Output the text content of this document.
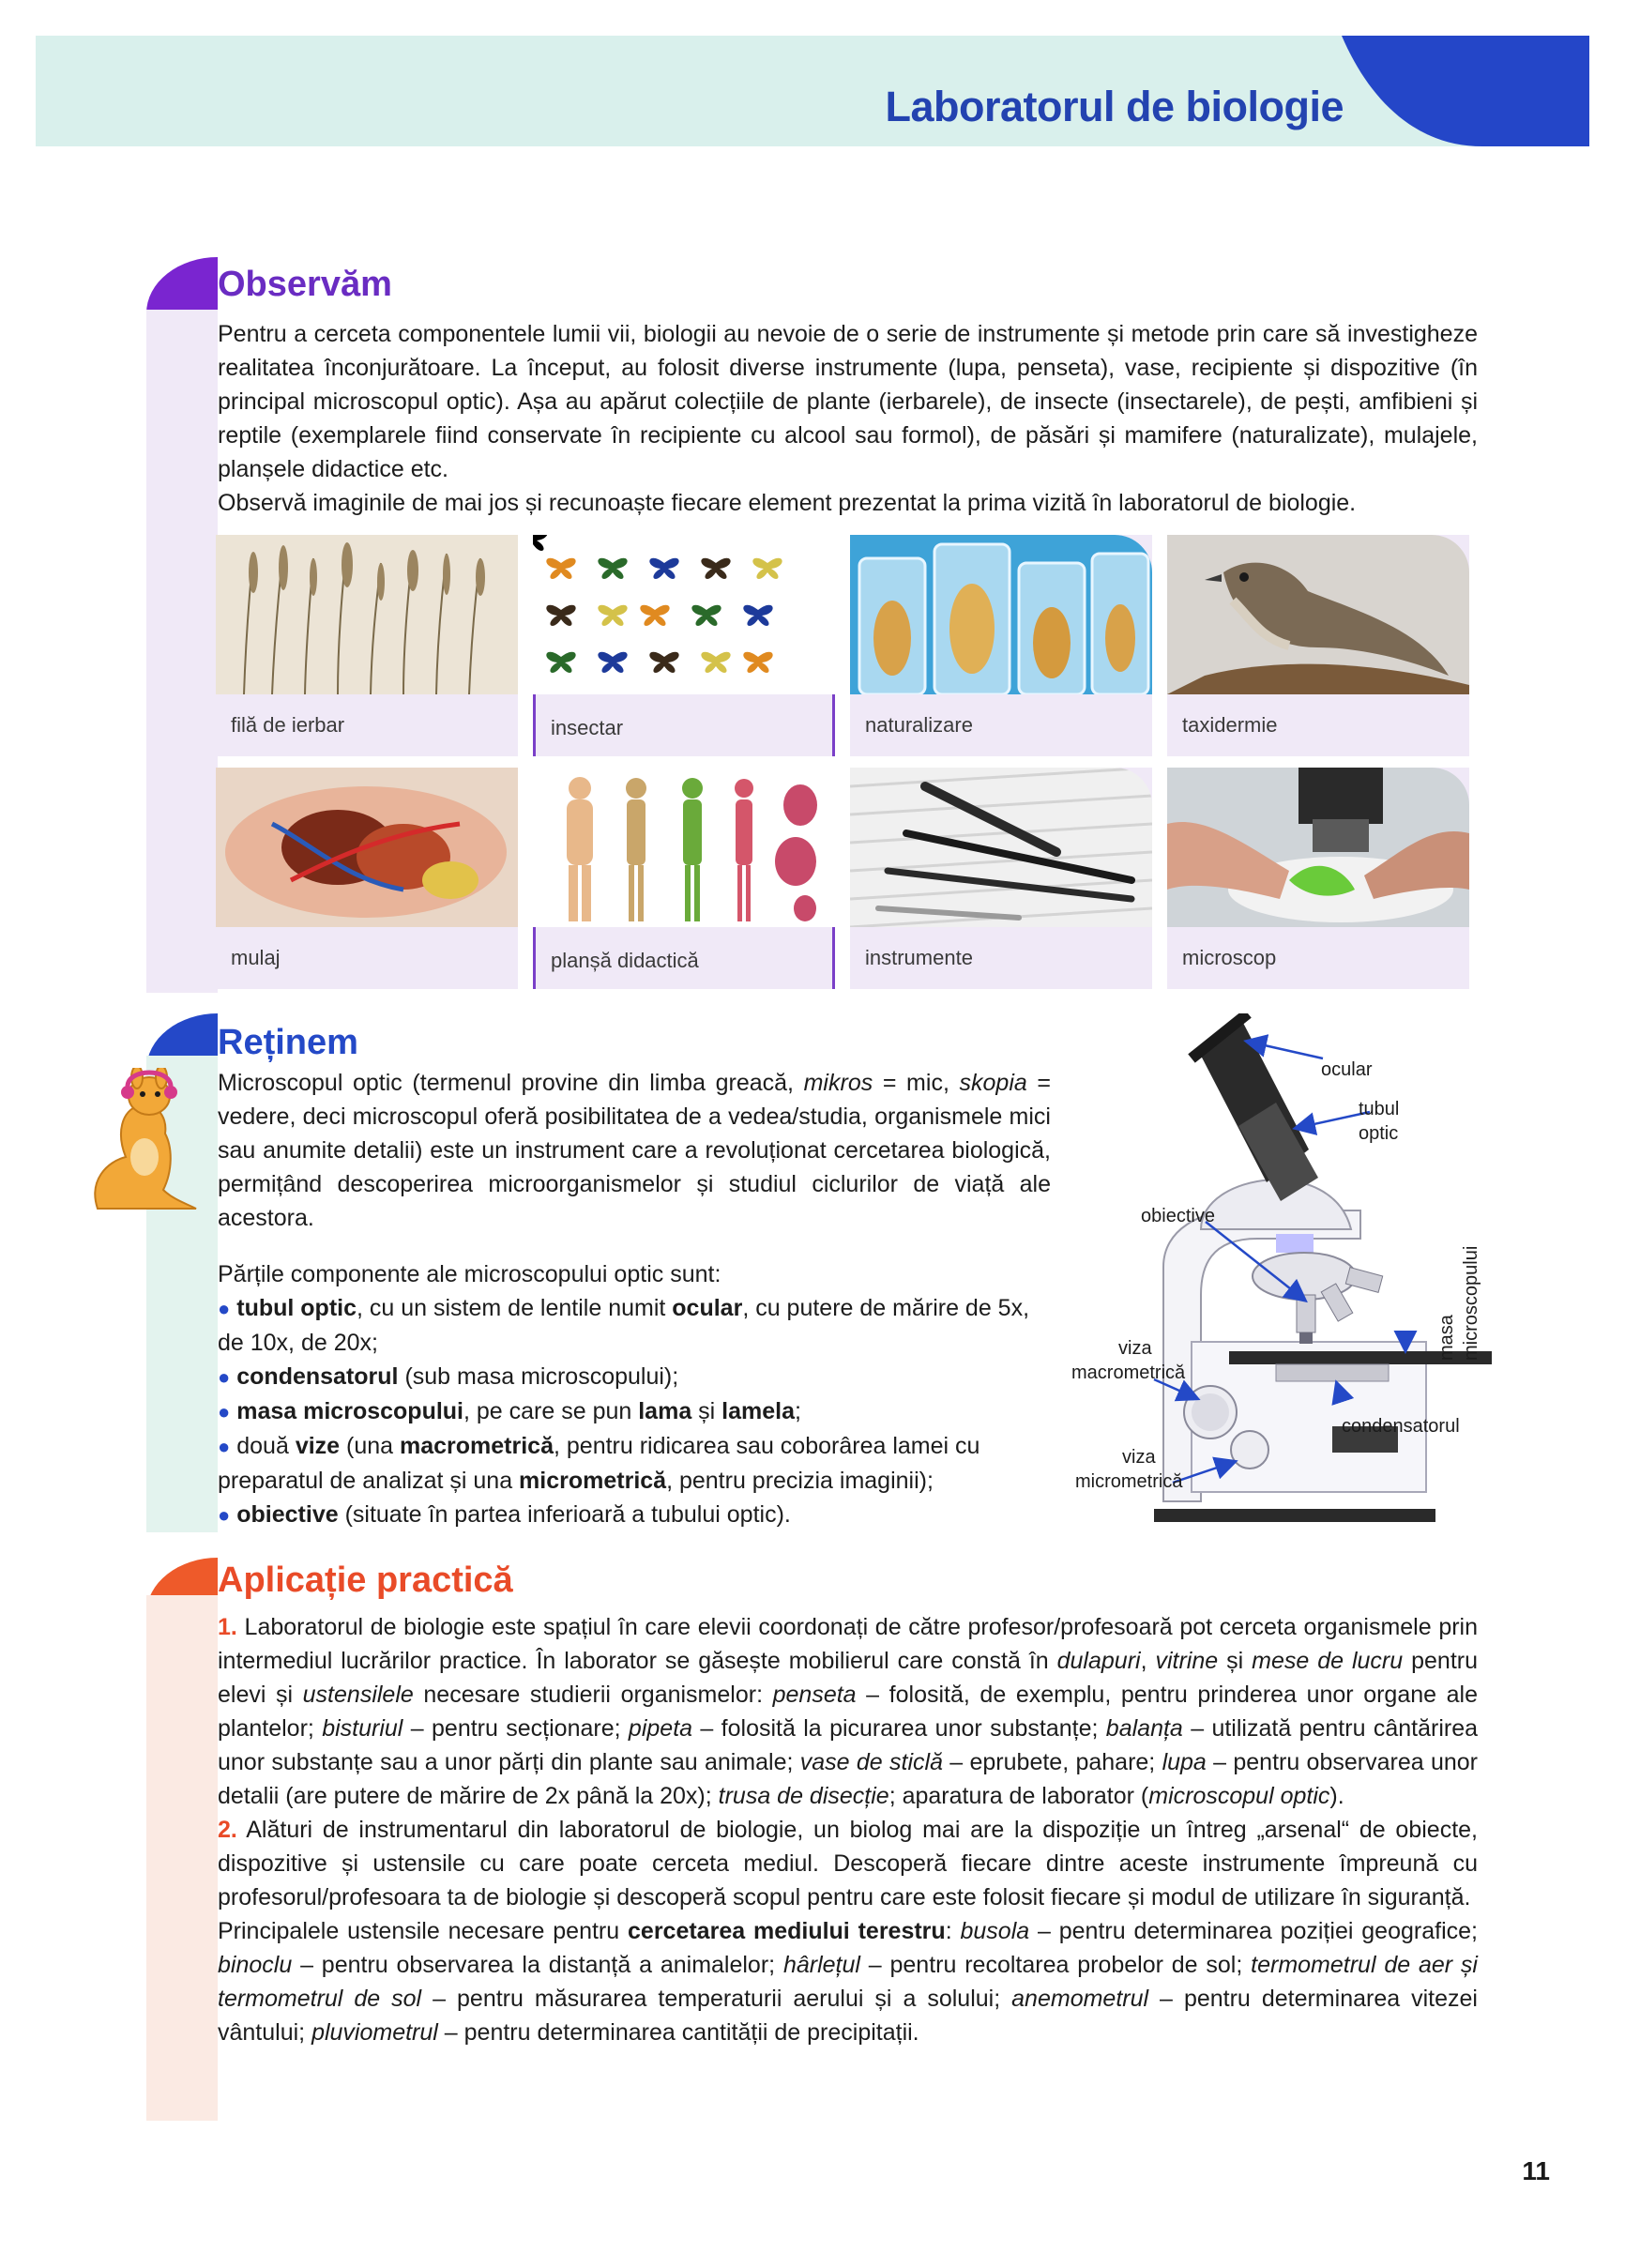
Laboratorul de biologie
Observăm
Pentru a cerceta componentele lumii vii, biologii au nevoie de o serie de instrumente și metode prin care să investigheze realitatea înconjurătoare. La început, au folosit diverse instrumente (lupa, penseta), vase, recipiente și dispozitive (în principal microscopul optic). Așa au apărut colecțiile de plante (ierbarele), de insecte (insectarele), de pești, amfibieni și reptile (exemplarele fiind conservate în recipiente cu alcool sau formol), de păsări și mamifere (naturalizate), mulajele, planșele didactice etc.
Observă imaginile de mai jos și recunoaște fiecare element prezentat la prima vizită în laboratorul de biologie.
filă de ierbar	insectar	naturalizare	taxidermie
mulaj	planșă didactică	instrumente	microscop
Reținem
Microscopul optic (termenul provine din limba greacă, mikros = mic, skopia = vedere, deci microscopul oferă posibilitatea de a vedea/studia, organismele mici sau anumite detalii) este un instrument care a revoluționat cercetarea biologică, permițând descoperirea microorganismelor și studiul ciclurilor de viață ale acestora.
Părțile componente ale microscopului optic sunt:
● tubul optic, cu un sistem de lentile numit ocular, cu putere de mărire de 5x, de 10x, de 20x;
● condensatorul (sub masa microscopului);
● masa microscopului, pe care se pun lama și lamela;
● două vize (una macrometrică, pentru ridicarea sau coborârea lamei cu preparatul de analizat și una micrometrică, pentru precizia imaginii);
● obiective (situate în partea inferioară a tubului optic).
ocular
tubul
optic
obiective
masa microscopului
viza
macrometrică
condensatorul
viza
micrometrică
Aplicație practică
1. Laboratorul de biologie este spațiul în care elevii coordonați de către profesor/profesoară pot cerceta organismele prin intermediul lucrărilor practice. În laborator se găsește mobilierul care constă în dulapuri, vitrine și mese de lucru pentru elevi și ustensilele necesare studierii organismelor: penseta – folosită, de exemplu, pentru prinderea unor organe ale plantelor; bisturiul – pentru secționare; pipeta – folosită la picurarea unor substanțe; balanța – utilizată pentru cântărirea unor substanțe sau a unor părți din plante sau animale; vase de sticlă – eprubete, pahare; lupa – pentru observarea unor detalii (are putere de mărire de 2x până la 20x); trusa de disecție; aparatura de laborator (microscopul optic).
2. Alături de instrumentarul din laboratorul de biologie, un biolog mai are la dispoziție un întreg „arsenal“ de obiecte, dispozitive și ustensile cu care poate cerceta mediul. Descoperă fiecare dintre aceste instrumente împreună cu profesorul/profesoara ta de biologie și descoperă scopul pentru care este folosit fiecare și modul de utilizare în siguranță.
Principalele ustensile necesare pentru cercetarea mediului terestru: busola – pentru determinarea poziției geografice; binoclu – pentru observarea la distanță a animalelor; hârlețul – pentru recoltarea probelor de sol; termometrul de aer și termometrul de sol – pentru măsurarea temperaturii aerului și a solului; anemometrul – pentru determinarea vitezei vântului; pluviometrul – pentru determinarea cantității de precipitații.
11
